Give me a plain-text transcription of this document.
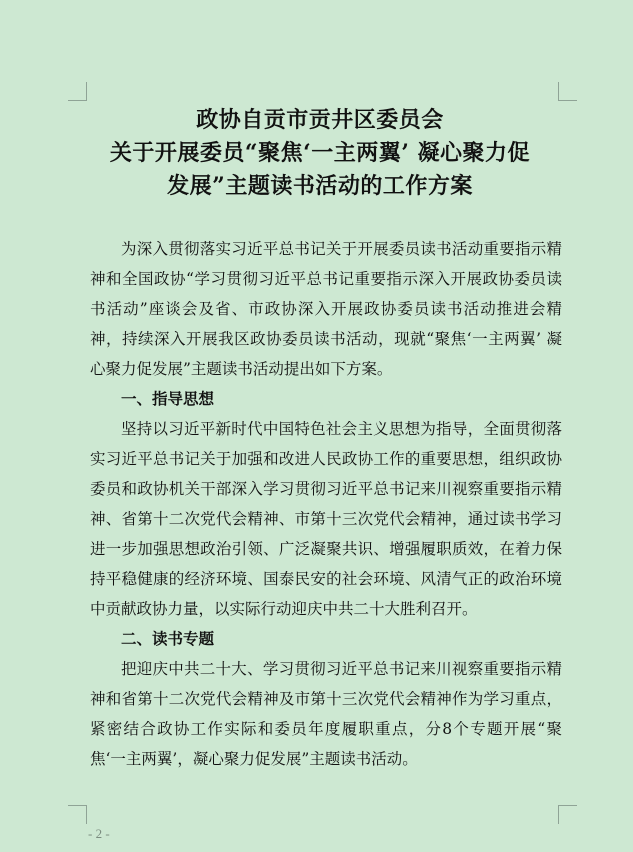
政协自贡市贡井区委员会
关于开展委员“聚焦‘一主两翼’ 凝心聚力促
发展”主题读书活动的工作方案

为深入贯彻落实习近平总书记关于开展委员读书活动重要指示精神和全国政协“学习贯彻习近平总书记重要指示深入开展政协委员读书活动”座谈会及省、市政协深入开展政协委员读书活动推进会精神，持续深入开展我区政协委员读书活动，现就“聚焦‘一主两翼’ 凝心聚力促发展”主题读书活动提出如下方案。

一、指导思想

坚持以习近平新时代中国特色社会主义思想为指导，全面贯彻落实习近平总书记关于加强和改进人民政协工作的重要思想，组织政协委员和政协机关干部深入学习贯彻习近平总书记来川视察重要指示精神、省第十二次党代会精神、市第十三次党代会精神，通过读书学习进一步加强思想政治引领、广泛凝聚共识、增强履职质效，在着力保持平稳健康的经济环境、国泰民安的社会环境、风清气正的政治环境中贡献政协力量，以实际行动迎庆中共二十大胜利召开。

二、读书专题

把迎庆中共二十大、学习贯彻习近平总书记来川视察重要指示精神和省第十二次党代会精神及市第十三次党代会精神作为学习重点，紧密结合政协工作实际和委员年度履职重点，分8个专题开展“聚焦‘一主两翼’，凝心聚力促发展”主题读书活动。

- 2 -
